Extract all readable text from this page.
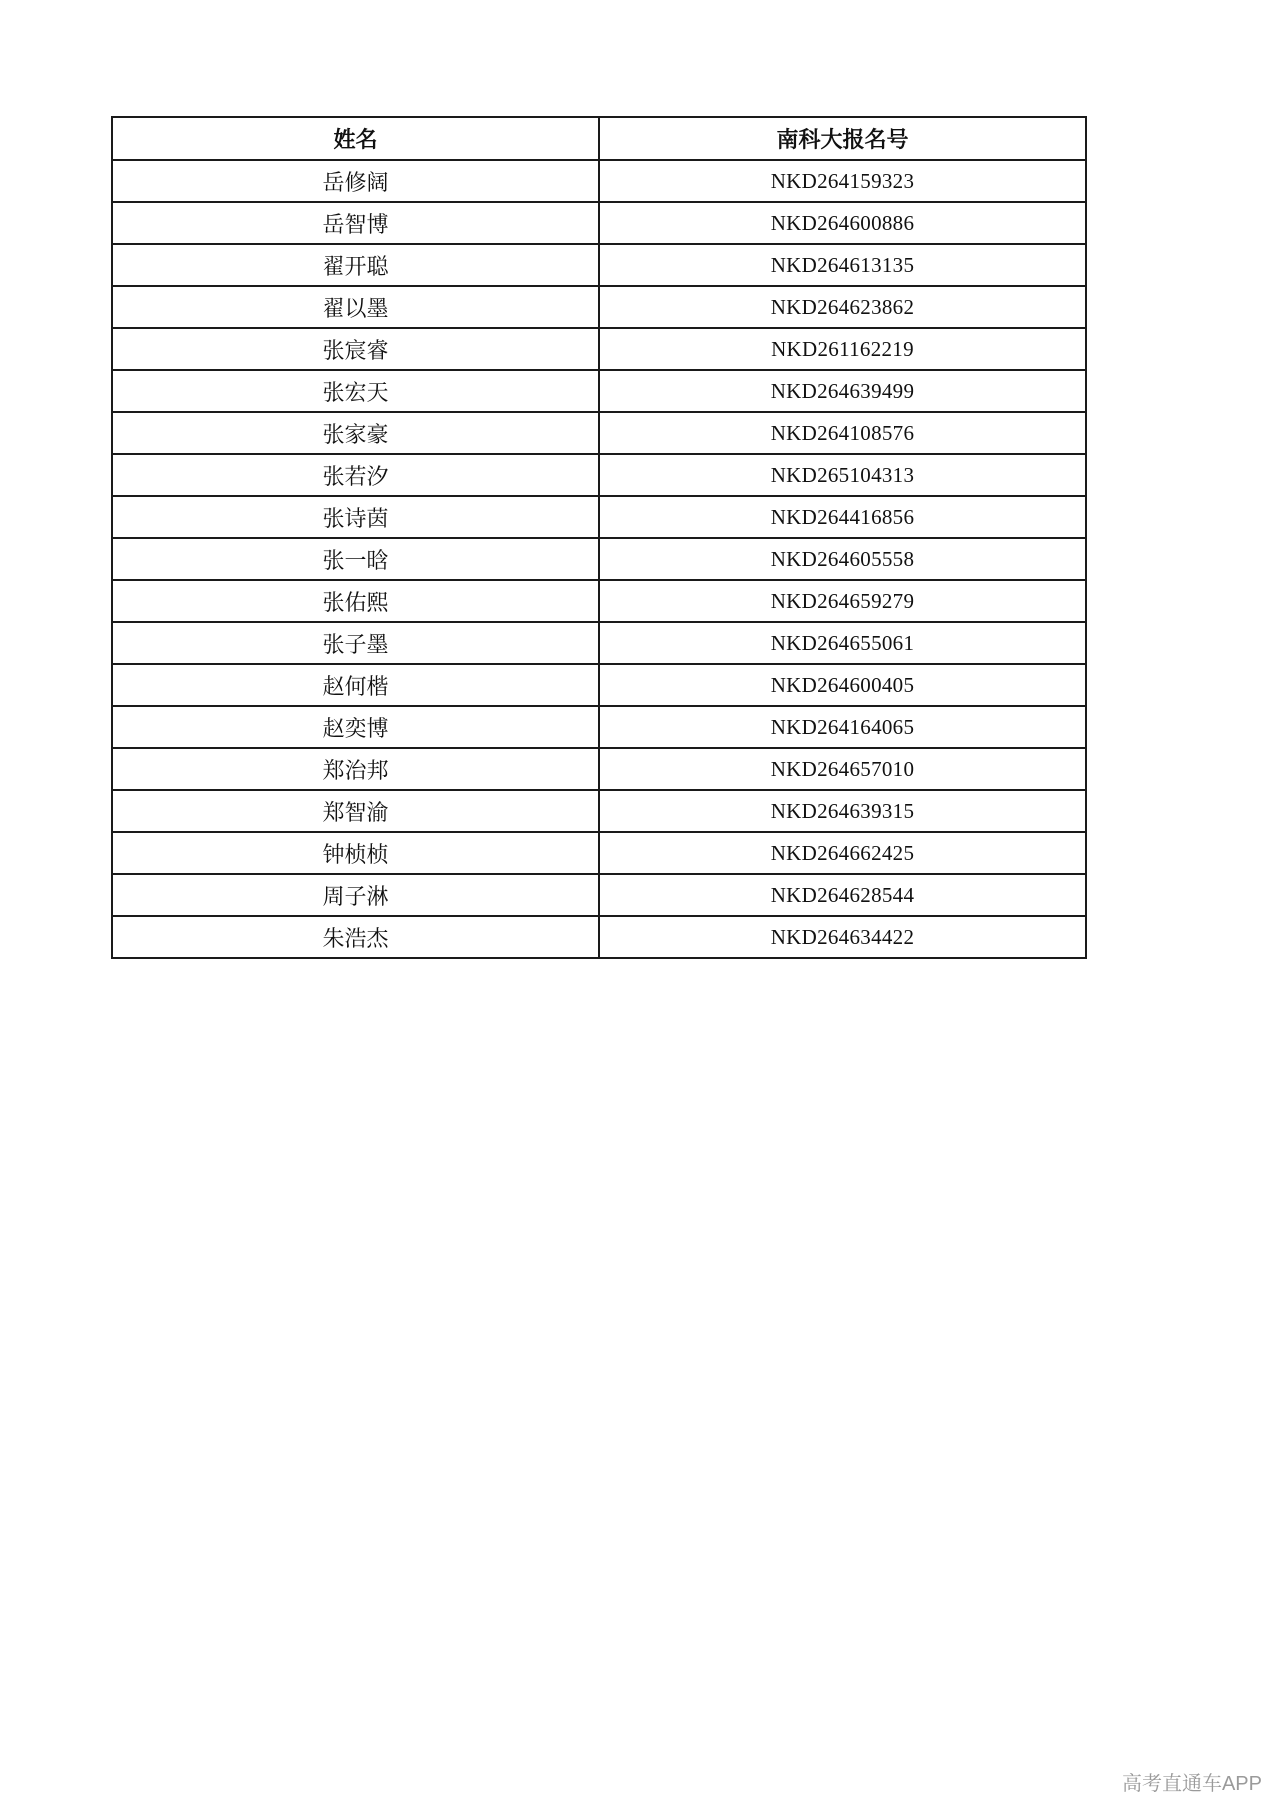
姓名	南科大报名号
岳修阔	NKD264159323
岳智博	NKD264600886
翟开聪	NKD264613135
翟以墨	NKD264623862
张宸睿	NKD261162219
张宏天	NKD264639499
张家豪	NKD264108576
张若汐	NKD265104313
张诗茵	NKD264416856
张一晗	NKD264605558
张佑熙	NKD264659279
张子墨	NKD264655061
赵何楷	NKD264600405
赵奕博	NKD264164065
郑治邦	NKD264657010
郑智渝	NKD264639315
钟桢桢	NKD264662425
周子淋	NKD264628544
朱浩杰	NKD264634422
高考直通车APP
